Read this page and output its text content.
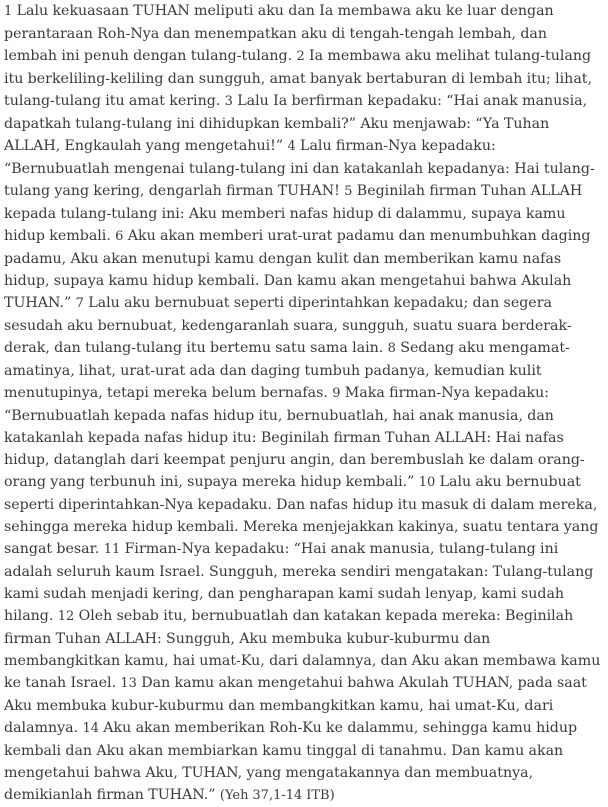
1 Lalu kekuasaan TUHAN meliputi aku dan Ia membawa aku ke luar dengan perantaraan Roh-Nya dan menempatkan aku di tengah-tengah lembah, dan lembah ini penuh dengan tulang-tulang. 2 Ia membawa aku melihat tulang-tulang itu berkeliling-keliling dan sungguh, amat banyak bertaburan di lembah itu; lihat, tulang-tulang itu amat kering. 3 Lalu Ia berfirman kepadaku: “Hai anak manusia, dapatkah tulang-tulang ini dihidupkan kembali?” Aku menjawab: “Ya Tuhan ALLAH, Engkaulah yang mengetahui!” 4 Lalu firman-Nya kepadaku: “Bernubuatlah mengenai tulang-tulang ini dan katakanlah kepadanya: Hai tulang-tulang yang kering, dengarlah firman TUHAN! 5 Beginilah firman Tuhan ALLAH kepada tulang-tulang ini: Aku memberi nafas hidup di dalammu, supaya kamu hidup kembali. 6 Aku akan memberi urat-urat padamu dan menumbuhkan daging padamu, Aku akan menutupi kamu dengan kulit dan memberikan kamu nafas hidup, supaya kamu hidup kembali. Dan kamu akan mengetahui bahwa Akulah TUHAN.” 7 Lalu aku bernubuat seperti diperintahkan kepadaku; dan segera sesudah aku bernubuat, kedengaranlah suara, sungguh, suatu suara berderak-derak, dan tulang-tulang itu bertemu satu sama lain. 8 Sedang aku mengamat-amatinya, lihat, urat-urat ada dan daging tumbuh padanya, kemudian kulit menutupinya, tetapi mereka belum bernafas. 9 Maka firman-Nya kepadaku: “Bernubuatlah kepada nafas hidup itu, bernubuatlah, hai anak manusia, dan katakanlah kepada nafas hidup itu: Beginilah firman Tuhan ALLAH: Hai nafas hidup, datanglah dari keempat penjuru angin, dan berembuslah ke dalam orang-orang yang terbunuh ini, supaya mereka hidup kembali.” 10 Lalu aku bernubuat seperti diperintahkan-Nya kepadaku. Dan nafas hidup itu masuk di dalam mereka, sehingga mereka hidup kembali. Mereka menjejakkan kakinya, suatu tentara yang sangat besar. 11 Firman-Nya kepadaku: “Hai anak manusia, tulang-tulang ini adalah seluruh kaum Israel. Sungguh, mereka sendiri mengatakan: Tulang-tulang kami sudah menjadi kering, dan pengharapan kami sudah lenyap, kami sudah hilang. 12 Oleh sebab itu, bernubuatlah dan katakan kepada mereka: Beginilah firman Tuhan ALLAH: Sungguh, Aku membuka kubur-kuburmu dan membangkitkan kamu, hai umat-Ku, dari dalamnya, dan Aku akan membawa kamu ke tanah Israel. 13 Dan kamu akan mengetahui bahwa Akulah TUHAN, pada saat Aku membuka kubur-kuburmu dan membangkitkan kamu, hai umat-Ku, dari dalamnya. 14 Aku akan memberikan Roh-Ku ke dalammu, sehingga kamu hidup kembali dan Aku akan membiarkan kamu tinggal di tanahmu. Dan kamu akan mengetahui bahwa Aku, TUHAN, yang mengatakannya dan membuatnya, demikianlah firman TUHAN.” (Yeh 37,1-14 ITB)
